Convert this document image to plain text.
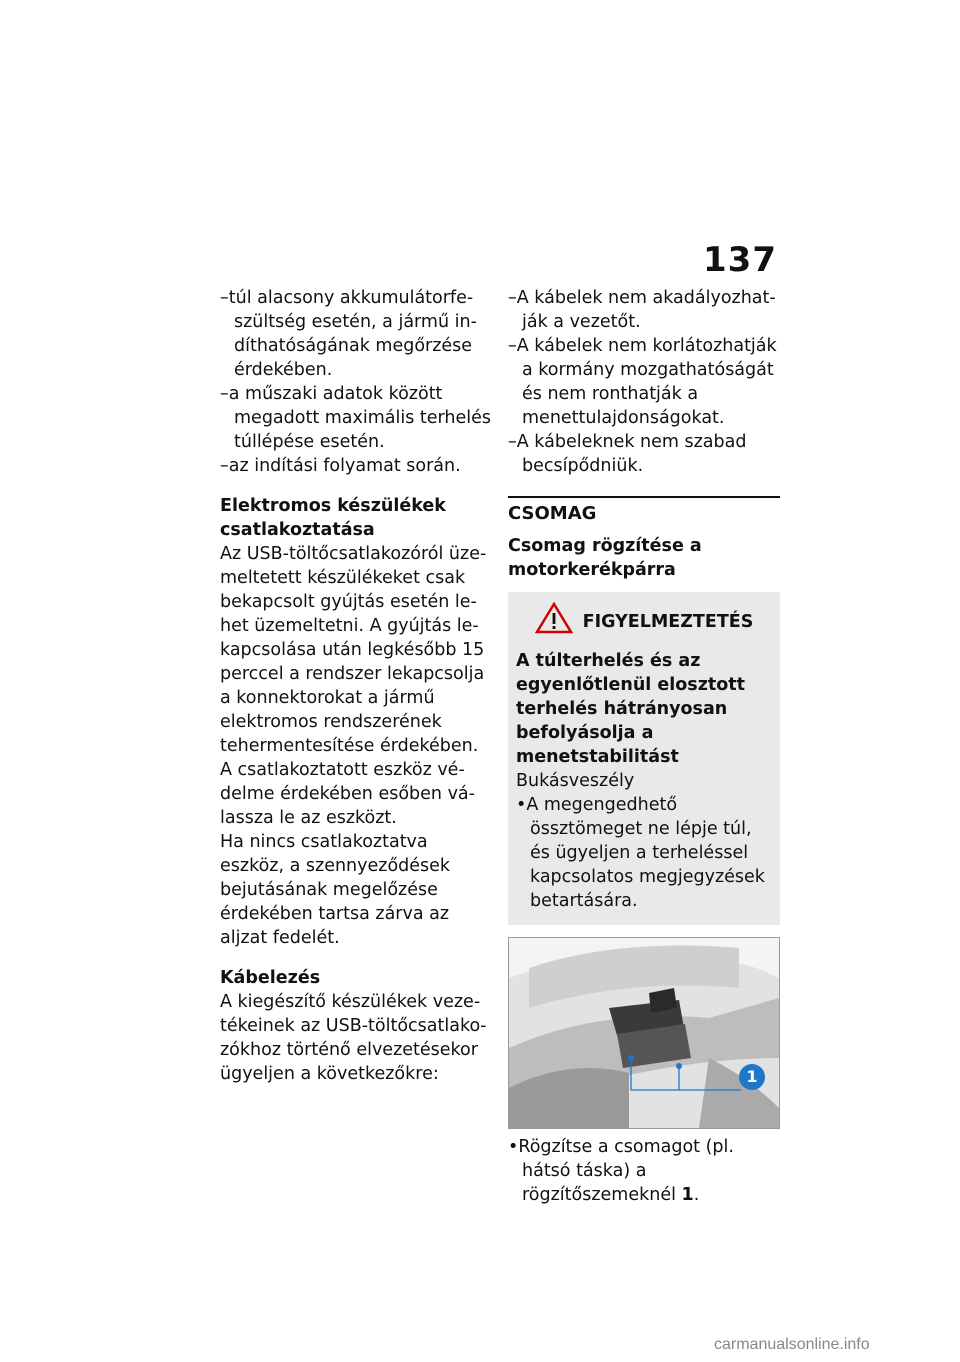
137

–túl alacsony akkumulátorfeszültség esetén, a jármű indíthatóságának megőrzése érdekében.

–a műszaki adatok között megadott maximális terhelés túllépése esetén.

–az indítási folyamat során.

Elektromos készülékek csatlakoztatása

Az USB-töltőcsatlakozóról üzemeltetett készülékeket csak bekapcsolt gyújtás esetén lehet üzemeltetni. A gyújtás lekapcsolása után legkésőbb 15 perccel a rendszer lekapcsolja a konnektorokat a jármű elektromos rendszerének tehermentesítése érdekében.

A csatlakoztatott eszköz védelme érdekében esőben válassza le az eszközt.

Ha nincs csatlakoztatva eszköz, a szennyeződések bejutásának megelőzése érdekében tartsa zárva az aljzat fedelét.

Kábelezés

A kiegészítő készülékek vezetékeinek az USB-töltőcsatlakozókhoz történő elvezetésekor ügyeljen a következőkre:

–A kábelek nem akadályozhatják a vezetőt.

–A kábelek nem korlátozhatják a kormány mozgathatóságát és nem ronthatják a menettulajdonságokat.

–A kábeleknek nem szabad becsípődniük.

CSOMAG

Csomag rögzítése a motorkerékpárra

FIGYELMEZTETÉS

A túlterhelés és az egyenlőtlenül elosztott terhelés hátrányosan befolyásolja a menetstabilitást

Bukásveszély

•A megengedhető össztömeget ne lépje túl, és ügyeljen a terheléssel kapcsolatos megjegyzések betartására.

1

•Rögzítse a csomagot (pl. hátsó táska) a rögzítőszemeknél 1.

carmanualsonline.info
